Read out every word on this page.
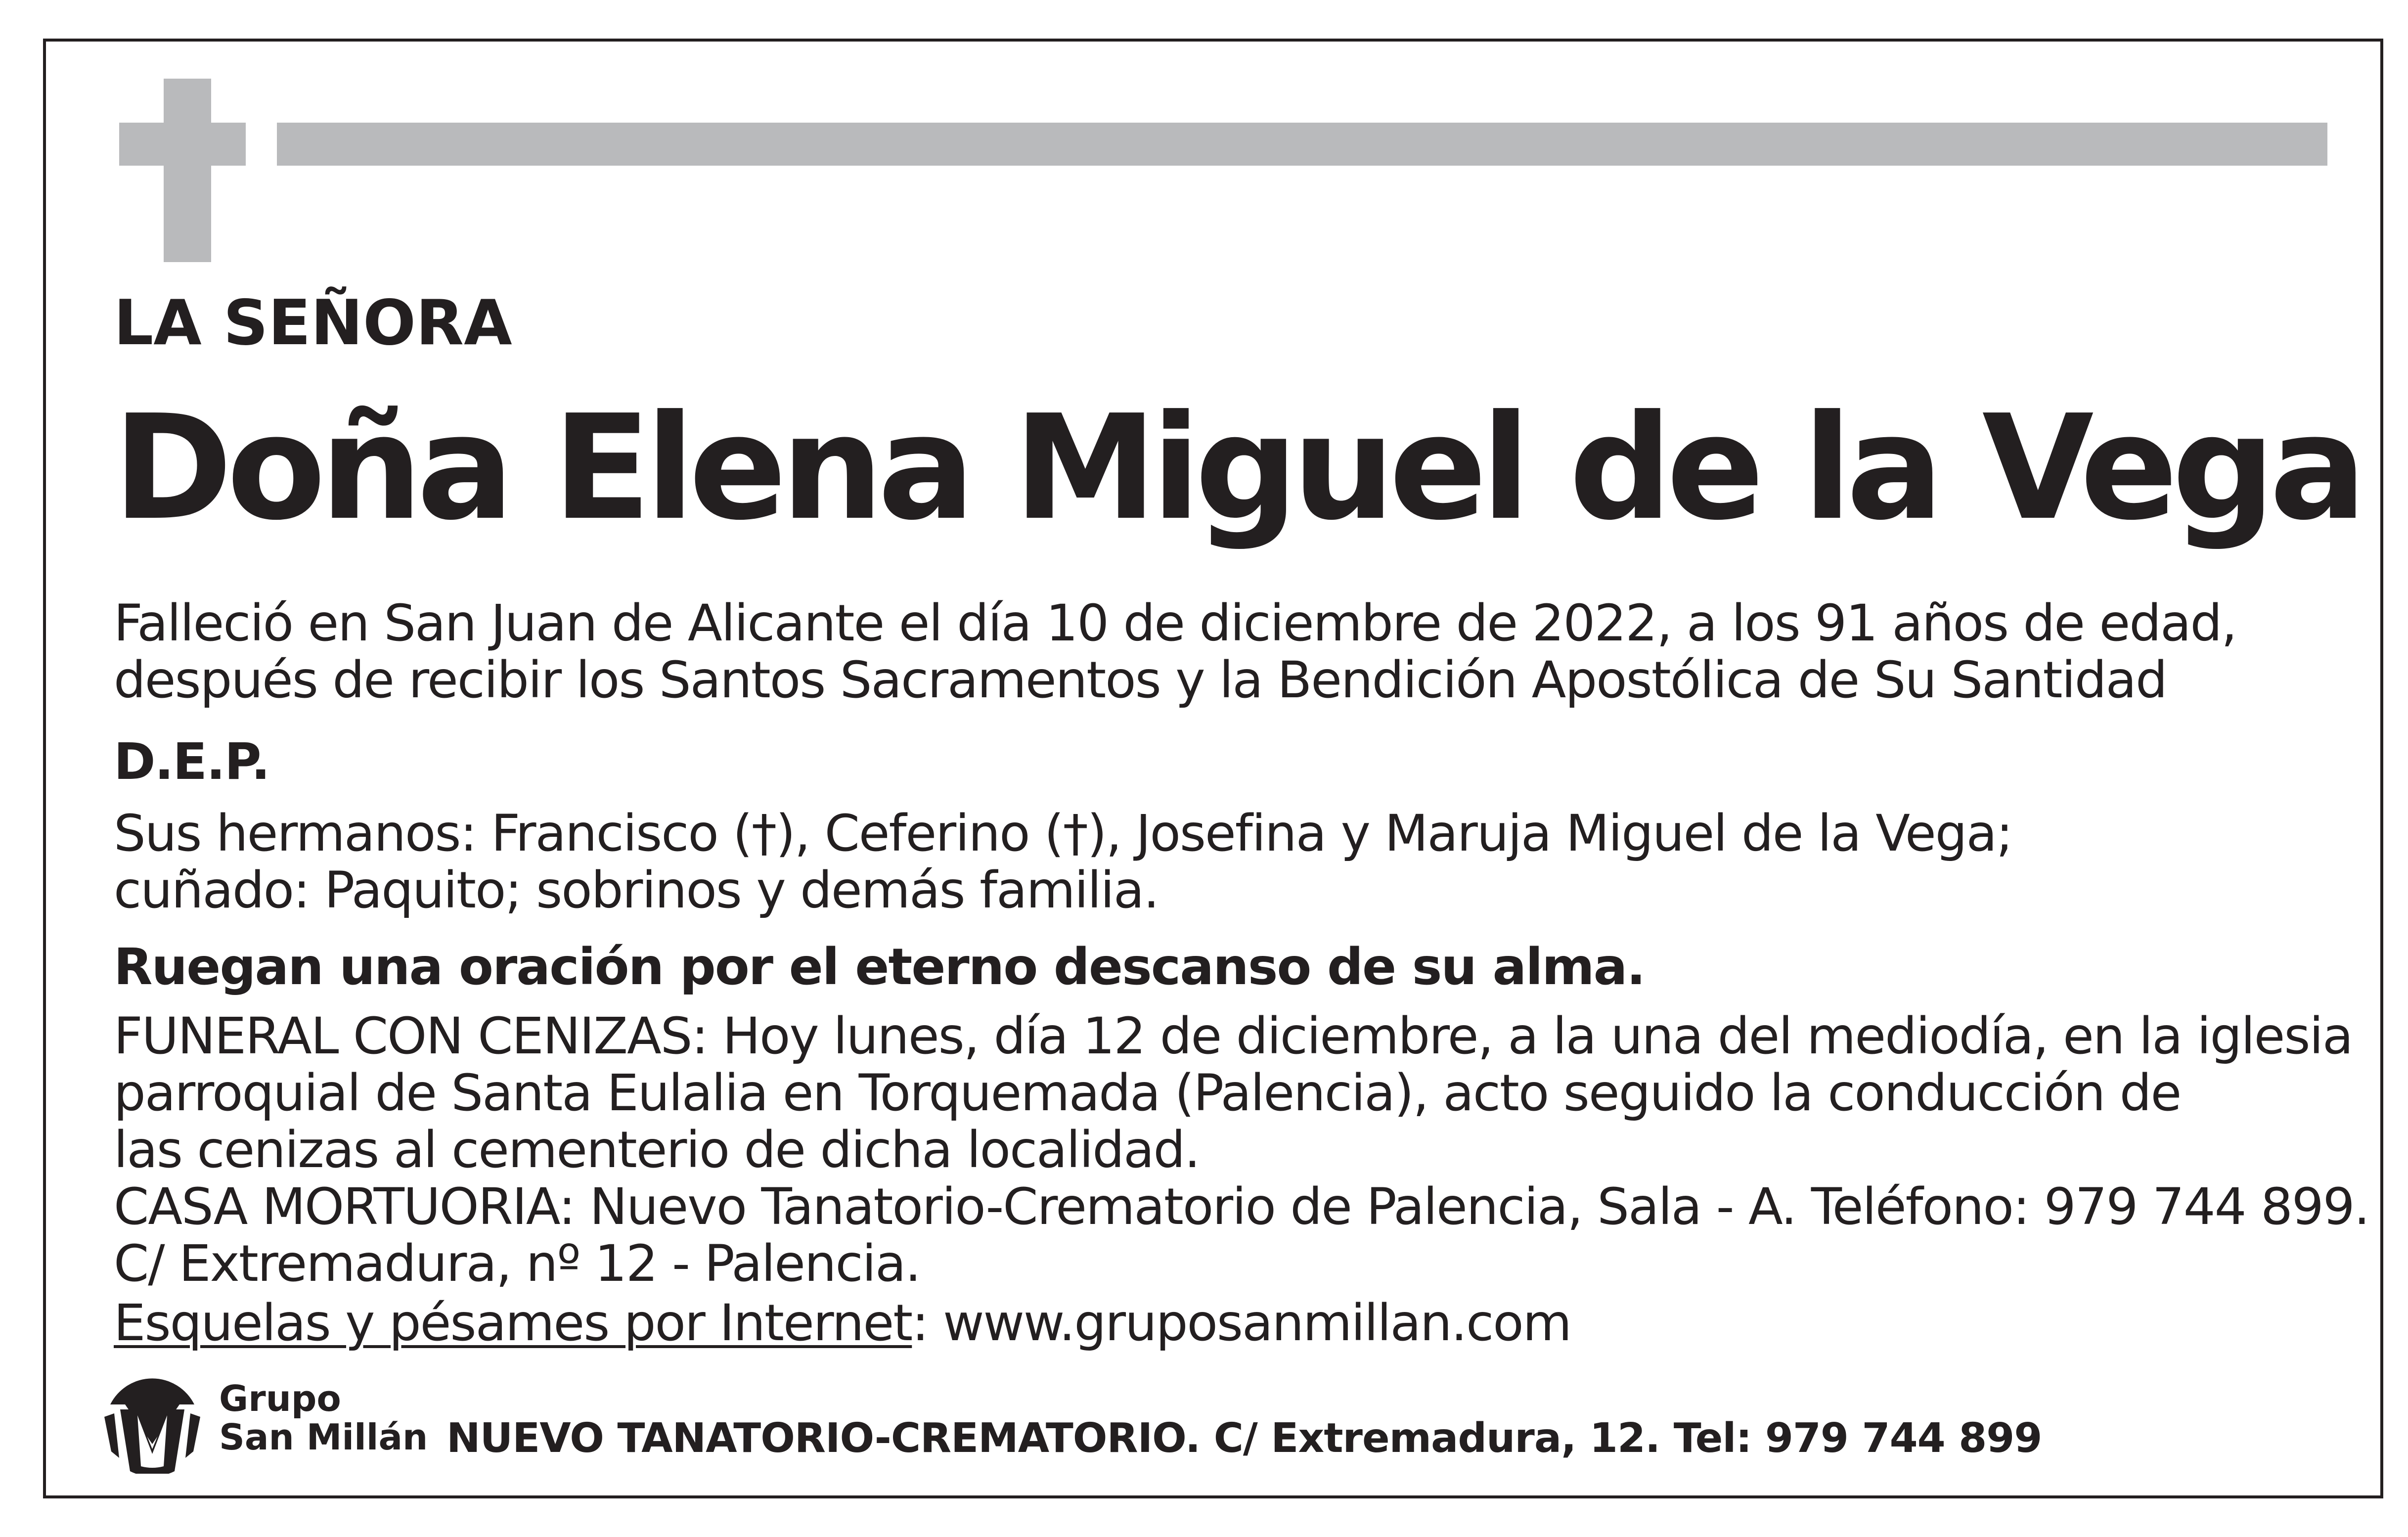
LA SEÑORA
Doña Elena Miguel de la Vega
Falleció en San Juan de Alicante el día 10 de diciembre de 2022, a los 91 años de edad,
después de recibir los Santos Sacramentos y la Bendición Apostólica de Su Santidad
D.E.P.
Sus hermanos: Francisco (†), Ceferino (†), Josefina y Maruja Miguel de la Vega;
cuñado: Paquito; sobrinos y demás familia.
Ruegan una oración por el eterno descanso de su alma.
FUNERAL CON CENIZAS: Hoy lunes, día 12 de diciembre, a la una del mediodía, en la iglesia
parroquial de Santa Eulalia en Torquemada (Palencia), acto seguido la conducción de
las cenizas al cementerio de dicha localidad.
CASA MORTUORIA: Nuevo Tanatorio-Crematorio de Palencia, Sala - A. Teléfono: 979 744 899.
C/ Extremadura, nº 12 - Palencia.
Esquelas y pésames por Internet: www.gruposanmillan.com
Grupo
San Millán NUEVO TANATORIO-CREMATORIO. C/ Extremadura, 12. Tel: 979 744 899
